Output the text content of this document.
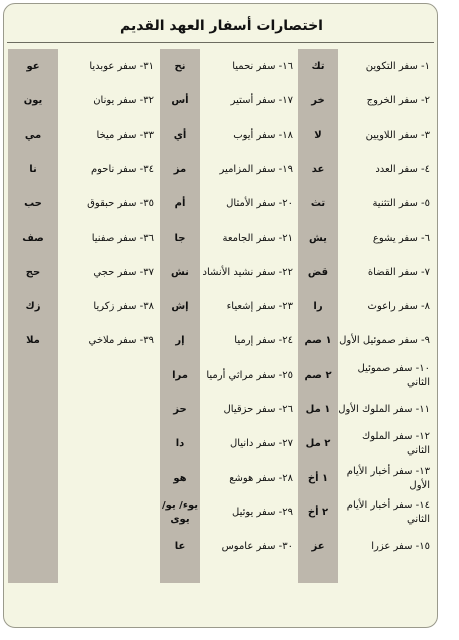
اختصارات أسفار العهد القديم
١- سفر التكوين
تك
٢- سفر الخروج
خر
٣- سفر اللاويين
لا
٤- سفر العدد
عد
٥- سفر التثنية
تث
٦- سفر يشوع
يش
٧- سفر القضاة
قض
٨- سفر راعوث
را
٩- سفر صموئيل الأول
١ صم
١٠- سفر صموئيل الثاني
٢ صم
١١- سفر الملوك الأول
١ مل
١٢- سفر الملوك الثاني
٢ مل
١٣- سفر أخبار الأيام الأول
١ أخ
١٤- سفر أخبار الأيام الثاني
٢ أخ
١٥- سفر عزرا
عز
١٦- سفر نحميا
نح
١٧- سفر أستير
أس
١٨- سفر أيوب
أي
١٩- سفر المزامير
مز
٢٠- سفر الأمثال
أم
٢١- سفر الجامعة
جا
٢٢- سفر نشيد الأنشاد
نش
٢٣- سفر إشعياء
إش
٢٤- سفر إرميا
إر
٢٥- سفر مراثي أرميا
مرا
٢٦- سفر حزقيال
حز
٢٧- سفر دانيال
دا
٢٨- سفر هوشع
هو
٢٩- سفر يوئيل
يوء/ يو/ يوى
٣٠- سفر عاموس
عا
٣١- سفر عوبديا
عو
٣٢- سفر يونان
يون
٣٣- سفر ميخا
مي
٣٤- سفر ناحوم
نا
٣٥- سفر حبقوق
حب
٣٦- سفر صفنيا
صف
٣٧- سفر حجي
حج
٣٨- سفر زكريا
زك
٣٩- سفر ملاخي
ملا
